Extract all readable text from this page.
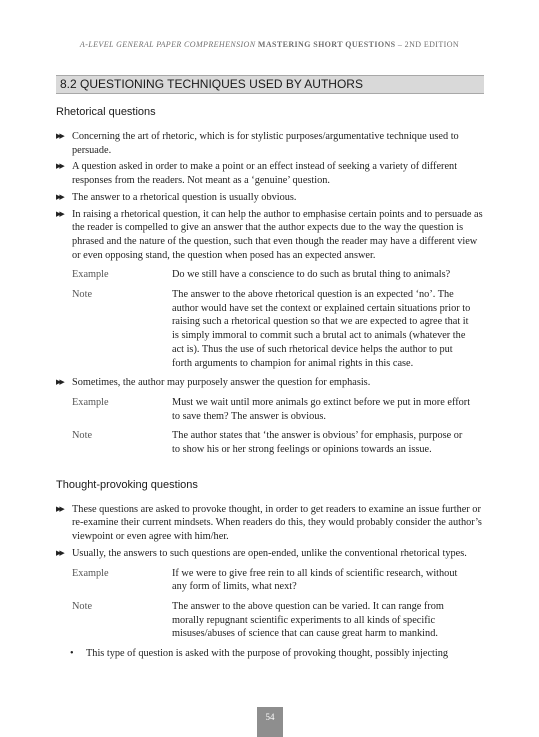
A-LEVEL GENERAL PAPER COMPREHENSION MASTERING SHORT QUESTIONS – 2ND EDITION
8.2 QUESTIONING TECHNIQUES USED BY AUTHORS

Rhetorical questions

▶▶ Concerning the art of rhetoric, which is for stylistic purposes/argumentative technique used to persuade.
▶▶ A question asked in order to make a point or an effect instead of seeking a variety of different responses from the readers. Not meant as a ‘genuine’ question.
▶▶ The answer to a rhetorical question is usually obvious.
▶▶ In raising a rhetorical question, it can help the author to emphasise certain points and to persuade as the reader is compelled to give an answer that the author expects due to the way the question is phrased and the nature of the question, such that even though the reader may have a different view or even opposing stand, the question when posed has an expected answer.
Example	Do we still have a conscience to do such as brutal thing to animals?
Note	The answer to the above rhetorical question is an expected ‘no’. The author would have set the context or explained certain situations prior to raising such a rhetorical question so that we are expected to agree that it is simply immoral to commit such a brutal act to animals (whatever the act is). Thus the use of such rhetorical device helps the author to put forth arguments to champion for animal rights in this case.
▶▶ Sometimes, the author may purposely answer the question for emphasis.
Example	Must we wait until more animals go extinct before we put in more effort to save them? The answer is obvious.
Note	The author states that ‘the answer is obvious’ for emphasis, purpose or to show his or her strong feelings or opinions towards an issue.

Thought-provoking questions

▶▶ These questions are asked to provoke thought, in order to get readers to examine an issue further or re-examine their current mindsets. When readers do this, they would probably consider the author’s viewpoint or even agree with him/her.
▶▶ Usually, the answers to such questions are open-ended, unlike the conventional rhetorical types.
Example	If we were to give free rein to all kinds of scientific research, without any form of limits, what next?
Note	The answer to the above question can be varied. It can range from morally repugnant scientific experiments to all kinds of specific misuses/abuses of science that can cause great harm to mankind.
• This type of question is asked with the purpose of provoking thought, possibly injecting
54
